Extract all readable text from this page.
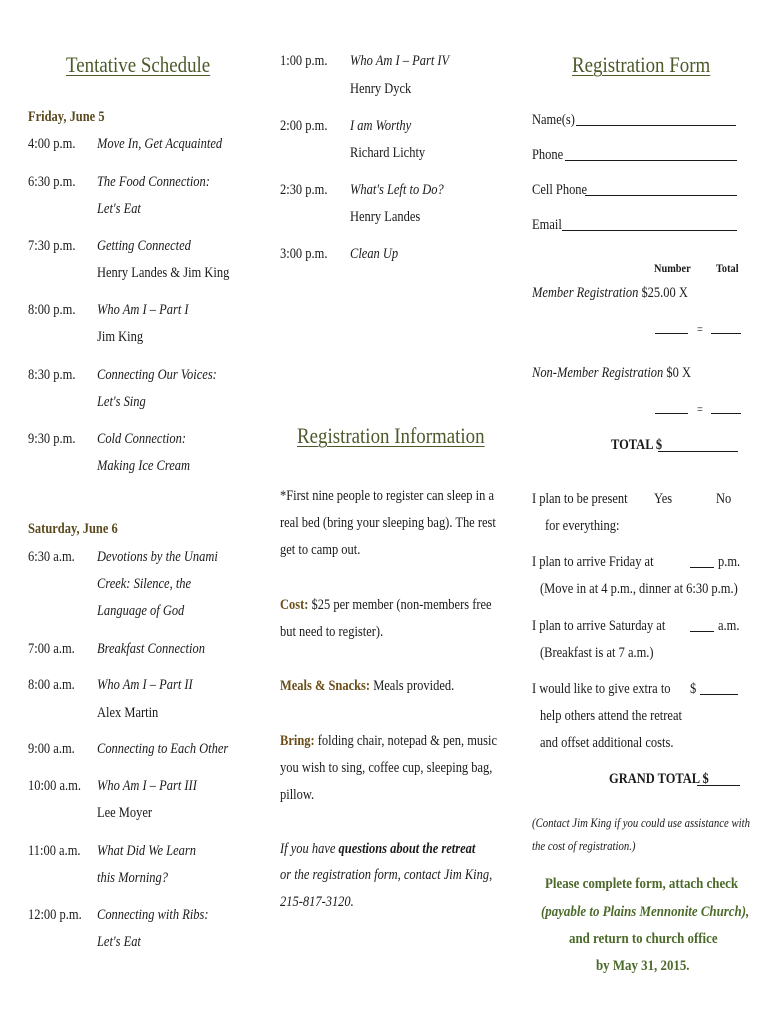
Tentative Schedule
Friday, June 5
4:00 p.m. Move In, Get Acquainted
6:30 p.m. The Food Connection:
Let's Eat
7:30 p.m. Getting Connected
Henry Landes & Jim King
8:00 p.m. Who Am I – Part I
Jim King
8:30 p.m. Connecting Our Voices:
Let's Sing
9:30 p.m. Cold Connection:
Making Ice Cream
Saturday, June 6
6:30 a.m. Devotions by the Unami
Creek: Silence, the
Language of God
7:00 a.m. Breakfast Connection
8:00 a.m. Who Am I – Part II
Alex Martin
9:00 a.m. Connecting to Each Other
10:00 a.m. Who Am I – Part III
Lee Moyer
11:00 a.m. What Did We Learn
this Morning?
12:00 p.m. Connecting with Ribs:
Let's Eat
1:00 p.m. Who Am I – Part IV
Henry Dyck
2:00 p.m. I am Worthy
Richard Lichty
2:30 p.m. What's Left to Do?
Henry Landes
3:00 p.m. Clean Up
Registration Information
*First nine people to register can sleep in a
real bed (bring your sleeping bag). The rest
get to camp out.
Cost: $25 per member (non-members free
but need to register).
Meals & Snacks: Meals provided.
Bring: folding chair, notepad & pen, music
you wish to sing, coffee cup, sleeping bag,
pillow.
If you have questions about the retreat
or the registration form, contact Jim King,
215-817-3120.
Registration Form
Name(s)
Phone
Cell Phone
Email
Number Total
Member Registration $25.00 X
=
Non-Member Registration $0 X
=
TOTAL $
I plan to be present
for everything:
Yes	No
I plan to arrive Friday at	p.m.
(Move in at 4 p.m., dinner at 6:30 p.m.)
I plan to arrive Saturday at	a.m.
(Breakfast is at 7 a.m.)
I would like to give extra to $
help others attend the retreat
and offset additional costs.
GRAND TOTAL $
(Contact Jim King if you could use assistance with
the cost of registration.)
Please complete form, attach check
(payable to Plains Mennonite Church),
and return to church office
by May 31, 2015.
